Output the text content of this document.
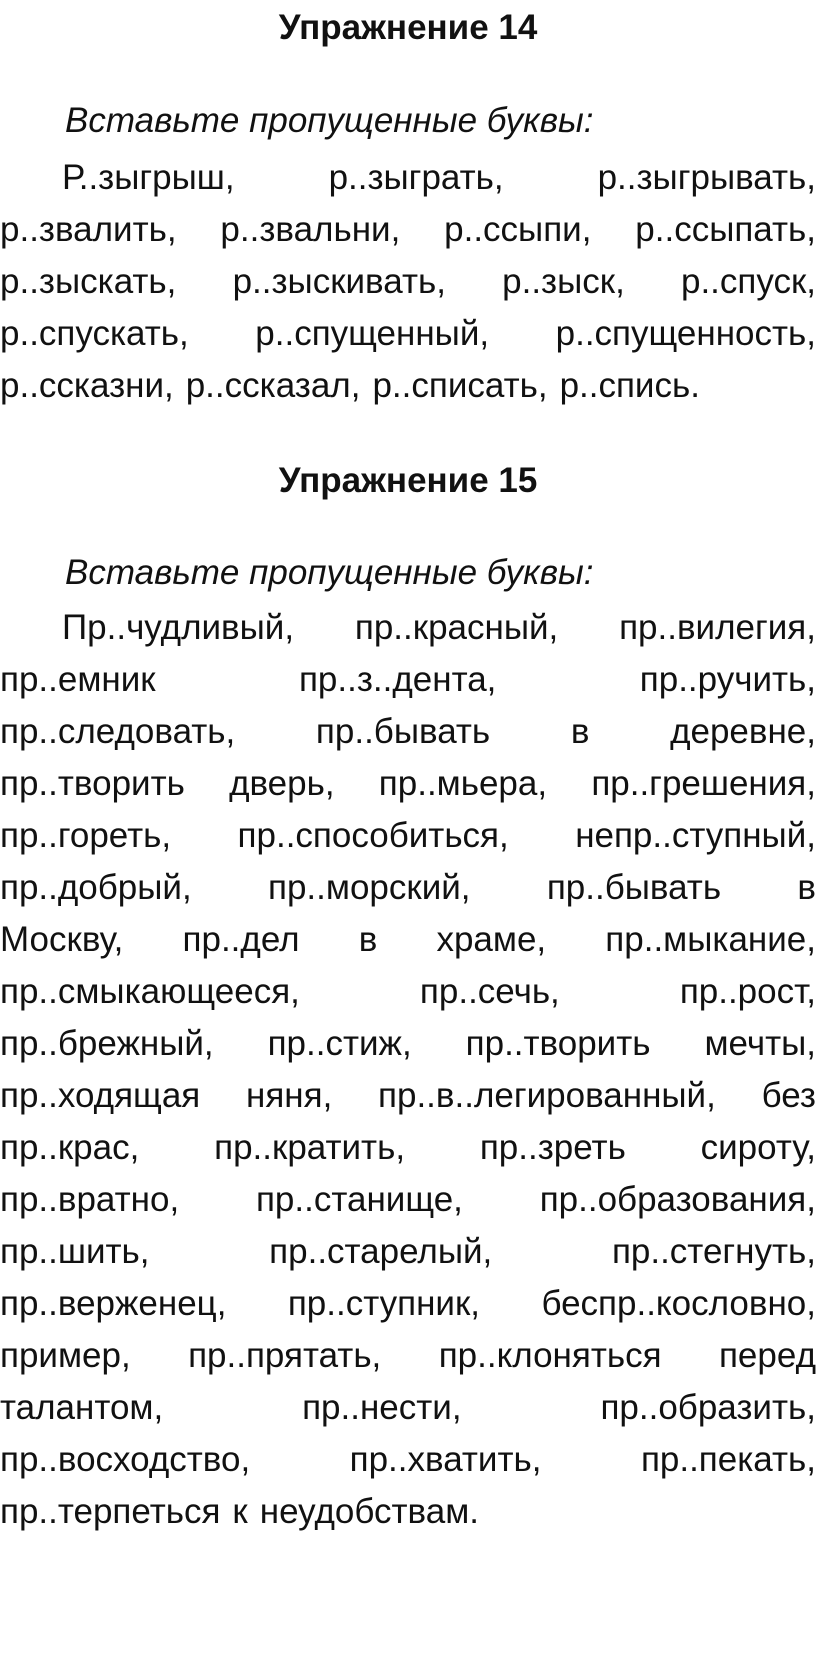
Упражнение 14

Вставьте пропущенные буквы:

Р..зыгрыш,	р..зыграть,	р..зыгрывать,
р..звалить, р..звальни, р..ссыпи, р..ссыпать,
р..зыскать, р..зыскивать, р..зыск, р..спуск,
р..спускать, р..спущенный, р..спущенность,
р..ссказни, р..ссказал, р..списать, р..спись.
Упражнение 15

Вставьте пропущенные буквы:

Пр..чудливый, пр..красный, пр..вилегия,
пр..емник	пр..з..дента,	пр..ручить,
пр..следовать, пр..бывать в деревне,
пр..творить дверь, пр..мьера, пр..грешения,
пр..гореть, пр..способиться, непр..ступный,
пр..добрый, пр..морский, пр..бывать в
Москву, пр..дел в храме, пр..мыкание,
пр..смыкающееся,	пр..сечь,	пр..рост,
пр..брежный, пр..стиж, пр..творить мечты,
пр..ходящая няня, пр..в..легированный, без
пр..крас, пр..кратить, пр..зреть сироту,
пр..вратно, пр..станище, пр..образования,
пр..шить,	пр..старелый,	пр..стегнуть,
пр..верженец, пр..ступник, беспр..кословно,
пример, пр..прятать, пр..клоняться перед
талантом,	пр..нести,	пр..образить,
пр..восходство,	пр..хватить,	пр..пекать,
пр..терпеться к неудобствам.
